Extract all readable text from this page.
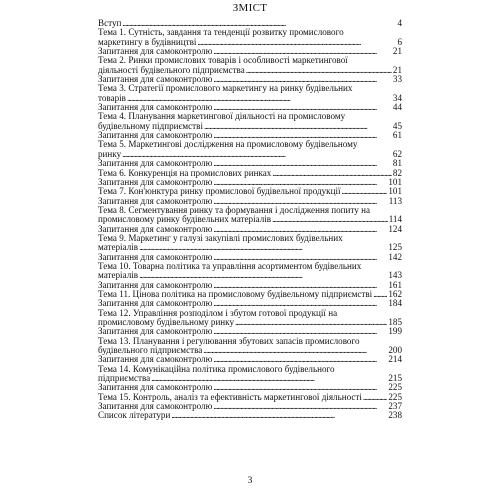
ЗМІСТ
Вступ . . .	4
Тема 1. Сутність, завдання та тенденції розвитку промислового
маркетингу в будівництві . . .	6
Запитання для самоконтролю . . .	21
Тема 2. Ринки промислових товарів і особливості маркетингової
діяльності будівельного підприємства . . .	21
Запитання для самоконтролю . . .	33
Тема 3. Стратегії промислового маркетингу на ринку будівельних
товарів . . .	34
Запитання для самоконтролю . . .	44
Тема 4. Планування маркетингової діяльності на промисловому
будівельному підприємстві . . .	45
Запитання для самоконтролю . . .	61
Тема 5. Маркетингові дослідження на промисловому будівельному
ринку . . .	62
Запитання для самоконтролю . . .	81
Тема 6. Конкуренція на промислових ринках . . .	82
Запитання для самоконтролю . . .	101
Тема 7. Кон'юнктура ринку промислової будівельної продукції . . .	101
Запитання для самоконтролю . . .	113
Тема 8. Сегментування ринку та формування і дослідження попиту на
промисловому ринку будівельних матеріалів . . .	114
Запитання для самоконтролю . . .	124
Тема 9. Маркетинг у галузі закупівлі промислових будівельних
матеріалів . . .	125
Запитання для самоконтролю . . .	142
Тема 10. Товарна політика та управління асортиментом будівельних
матеріалів . . .	143
Запитання для самоконтролю . . .	161
Тема 11. Цінова політика на промисловому будівельному підприємстві . . . 162
Запитання для самоконтролю . . .	184
Тема 12. Управління розподілом і збутом готової продукції на
промисловому будівельному ринку . . .	185
Запитання для самоконтролю . . .	199
Тема 13. Планування і регулювання збутових запасів промислового
будівельного підприємства . . .	200
Запитання для самоконтролю . . .	214
Тема 14. Комунікаційна політика промислового будівельного
підприємства . . .	215
Запитання для самоконтролю . . .	225
Тема 15. Контроль, аналіз та ефективність маркетингової діяльності . . .	225
Запитання для самоконтролю . . .	237
Список літератури . . .	238
3
